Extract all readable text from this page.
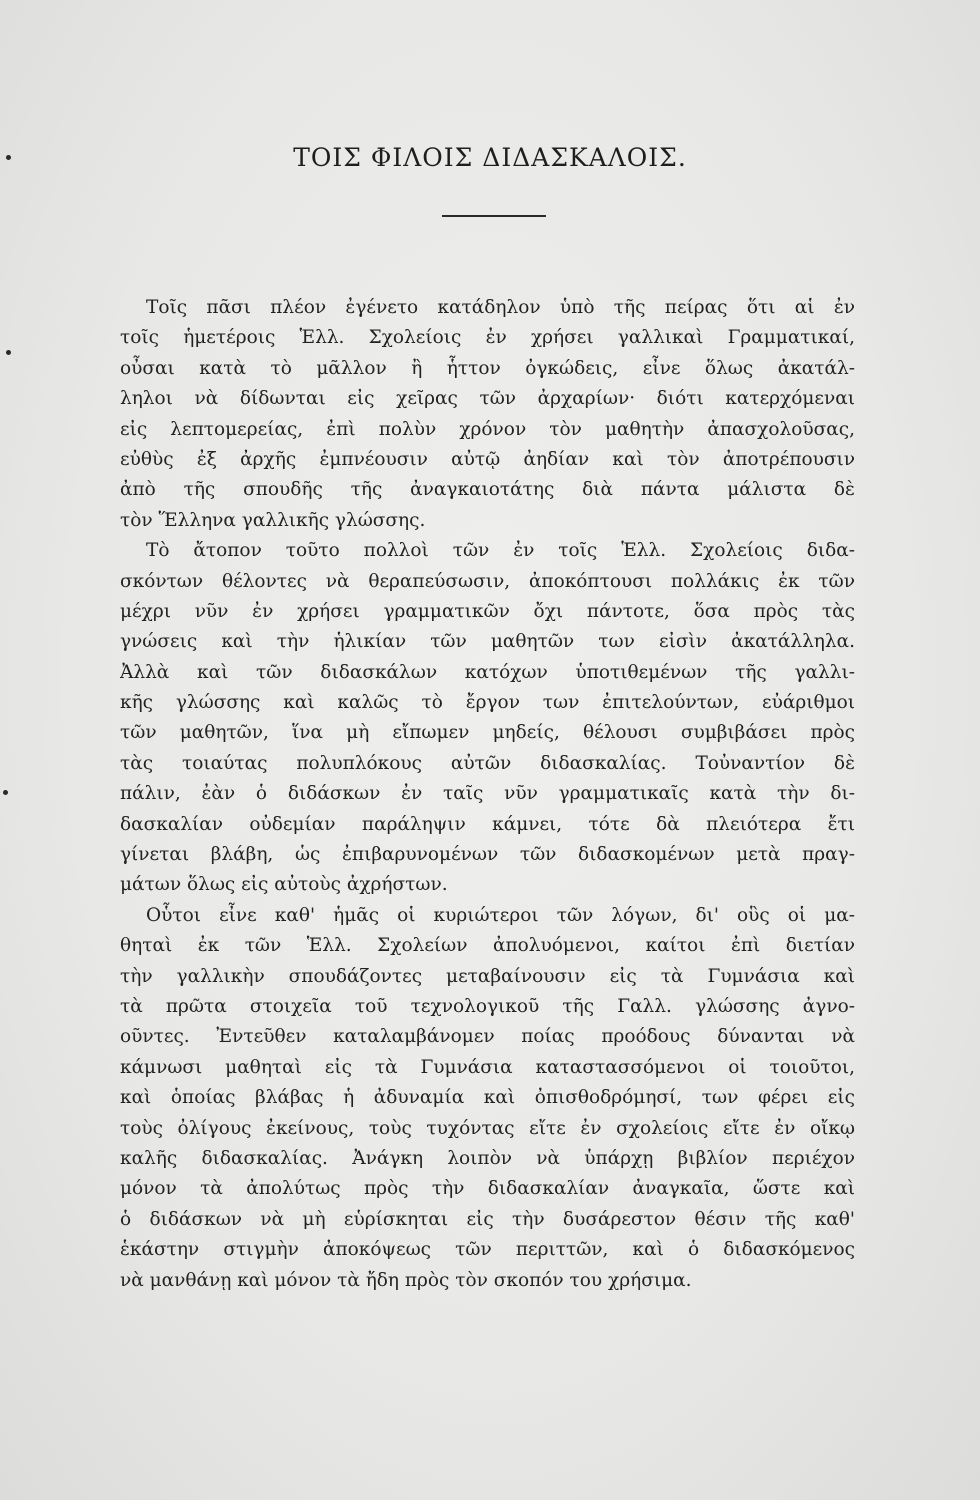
ΤΟΙΣ ΦΙΛΟΙΣ ΔΙΔΑΣΚΑΛΟΙΣ.
Τοῖς πᾶσι πλέον ἐγένετο κατάδηλον ὑπὸ τῆς πείρας ὅτι αἱ ἐν
τοῖς ἡμετέροις Ἑλλ. Σχολείοις ἐν χρήσει γαλλικαὶ Γραμματικαί,
οὖσαι κατὰ τὸ μᾶλλον ἢ ἧττον ὀγκώδεις, εἶνε ὅλως ἀκατάλ-
ληλοι νὰ δίδωνται εἰς χεῖρας τῶν ἀρχαρίων· διότι κατερχόμεναι
εἰς λεπτομερείας, ἐπὶ πολὺν χρόνον τὸν μαθητὴν ἀπασχολοῦσας,
εὐθὺς ἐξ ἀρχῆς ἐμπνέουσιν αὐτῷ ἀηδίαν καὶ τὸν ἀποτρέπουσιν
ἀπὸ τῆς σπουδῆς τῆς ἀναγκαιοτάτης διὰ πάντα μάλιστα δὲ
τὸν Ἕλληνα γαλλικῆς γλώσσης.
Τὸ ἄτοπον τοῦτο πολλοὶ τῶν ἐν τοῖς Ἑλλ. Σχολείοις διδα-
σκόντων θέλοντες νὰ θεραπεύσωσιν, ἀποκόπτουσι πολλάκις ἐκ τῶν
μέχρι νῦν ἐν χρήσει γραμματικῶν ὄχι πάντοτε, ὅσα πρὸς τὰς
γνώσεις καὶ τὴν ἡλικίαν τῶν μαθητῶν των εἰσὶν ἀκατάλληλα.
Ἀλλὰ καὶ τῶν διδασκάλων κατόχων ὑποτιθεμένων τῆς γαλλι-
κῆς γλώσσης καὶ καλῶς τὸ ἔργον των ἐπιτελούντων, εὐάριθμοι
τῶν μαθητῶν, ἵνα μὴ εἴπωμεν μηδείς, θέλουσι συμβιβάσει πρὸς
τὰς τοιαύτας πολυπλόκους αὐτῶν διδασκαλίας. Τοὐναντίον δὲ
πάλιν, ἐὰν ὁ διδάσκων ἐν ταῖς νῦν γραμματικαῖς κατὰ τὴν δι-
δασκαλίαν οὐδεμίαν παράληψιν κάμνει, τότε δὰ πλειότερα ἔτι
γίνεται βλάβη, ὡς ἐπιβαρυνομένων τῶν διδασκομένων μετὰ πραγ-
μάτων ὅλως εἰς αὐτοὺς ἀχρήστων.
Οὗτοι εἶνε καθ' ἡμᾶς οἱ κυριώτεροι τῶν λόγων, δι' οὓς οἱ μα-
θηταὶ ἐκ τῶν Ἑλλ. Σχολείων ἀπολυόμενοι, καίτοι ἐπὶ διετίαν
τὴν γαλλικὴν σπουδάζοντες μεταβαίνουσιν εἰς τὰ Γυμνάσια καὶ
τὰ πρῶτα στοιχεῖα τοῦ τεχνολογικοῦ τῆς Γαλλ. γλώσσης ἀγνο-
οῦντες. Ἐντεῦθεν καταλαμβάνομεν ποίας προόδους δύνανται νὰ
κάμνωσι μαθηταὶ εἰς τὰ Γυμνάσια καταστασσόμενοι οἱ τοιοῦτοι,
καὶ ὁποίας βλάβας ἡ ἀδυναμία καὶ ὀπισθοδρόμησί, των φέρει εἰς
τοὺς ὀλίγους ἐκείνους, τοὺς τυχόντας εἴτε ἐν σχολείοις εἴτε ἐν οἴκῳ
καλῆς διδασκαλίας. Ἀνάγκη λοιπὸν νὰ ὑπάρχῃ βιβλίον περιέχον
μόνον τὰ ἀπολύτως πρὸς τὴν διδασκαλίαν ἀναγκαῖα, ὥστε καὶ
ὁ διδάσκων νὰ μὴ εὑρίσκηται εἰς τὴν δυσάρεστον θέσιν τῆς καθ'
ἑκάστην στιγμὴν ἀποκόψεως τῶν περιττῶν, καὶ ὁ διδασκόμενος
νὰ μανθάνῃ καὶ μόνον τὰ ἤδη πρὸς τὸν σκοπόν του χρήσιμα.
